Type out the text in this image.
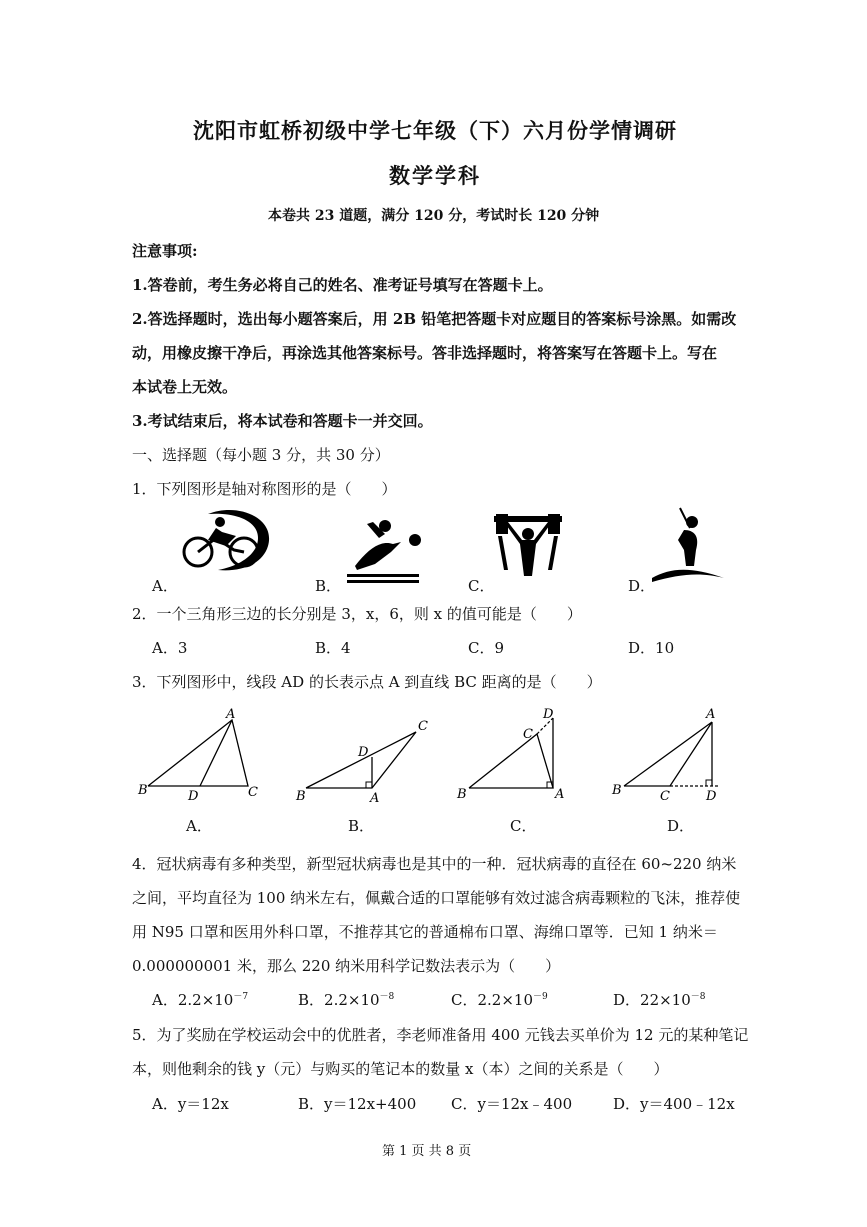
沈阳市虹桥初级中学七年级（下）六月份学情调研
数学学科
本卷共 23 道题，满分 120 分，考试时长 120 分钟
注意事项:
1.答卷前，考生务必将自己的姓名、准考证号填写在答题卡上。
2.答选择题时，选出每小题答案后，用 2B 铅笔把答题卡对应题目的答案标号涂黑。如需改
动，用橡皮擦干净后，再涂选其他答案标号。答非选择题时，将答案写在答题卡上。写在
本试卷上无效。
3.考试结束后，将本试卷和答题卡一并交回。
一、选择题（每小题 3 分，共 30 分）
1．下列图形是轴对称图形的是（　　）
A．	B．	C．	D．
2．一个三角形三边的长分别是 3，x，6，则 x 的值可能是（　　）
A．3	B．4	C．9	D．10
3．下列图形中，线段 AD 的长表示点 A 到直线 BC 距离的是（　　）
A
B	D	C
C
D
B	A
D
C
B	A
A
B	C	D
A．	B．	C．	D．
4．冠状病毒有多种类型，新型冠状病毒也是其中的一种．冠状病毒的直径在 60~220 纳米
之间，平均直径为 100 纳米左右，佩戴合适的口罩能够有效过滤含病毒颗粒的飞沫，推荐使
用 N95 口罩和医用外科口罩，不推荐其它的普通棉布口罩、海绵口罩等．已知 1 纳米＝
0.000000001 米，那么 220 纳米用科学记数法表示为（　　）
A．$2.2\times 10^{-7}$	B．$2.2\times 10^{-8}$	C．$2.2\times 10^{-9}$	D．$22\times 10^{-8}$
5．为了奖励在学校运动会中的优胜者，李老师准备用 400 元钱去买单价为 12 元的某种笔记
本，则他剩余的钱 y（元）与购买的笔记本的数量 x（本）之间的关系是（　　）
A．y＝12x	B．y＝12x+400 C．y＝12x﹣400	D．y＝400﹣12x
第 1 页 共 8 页
